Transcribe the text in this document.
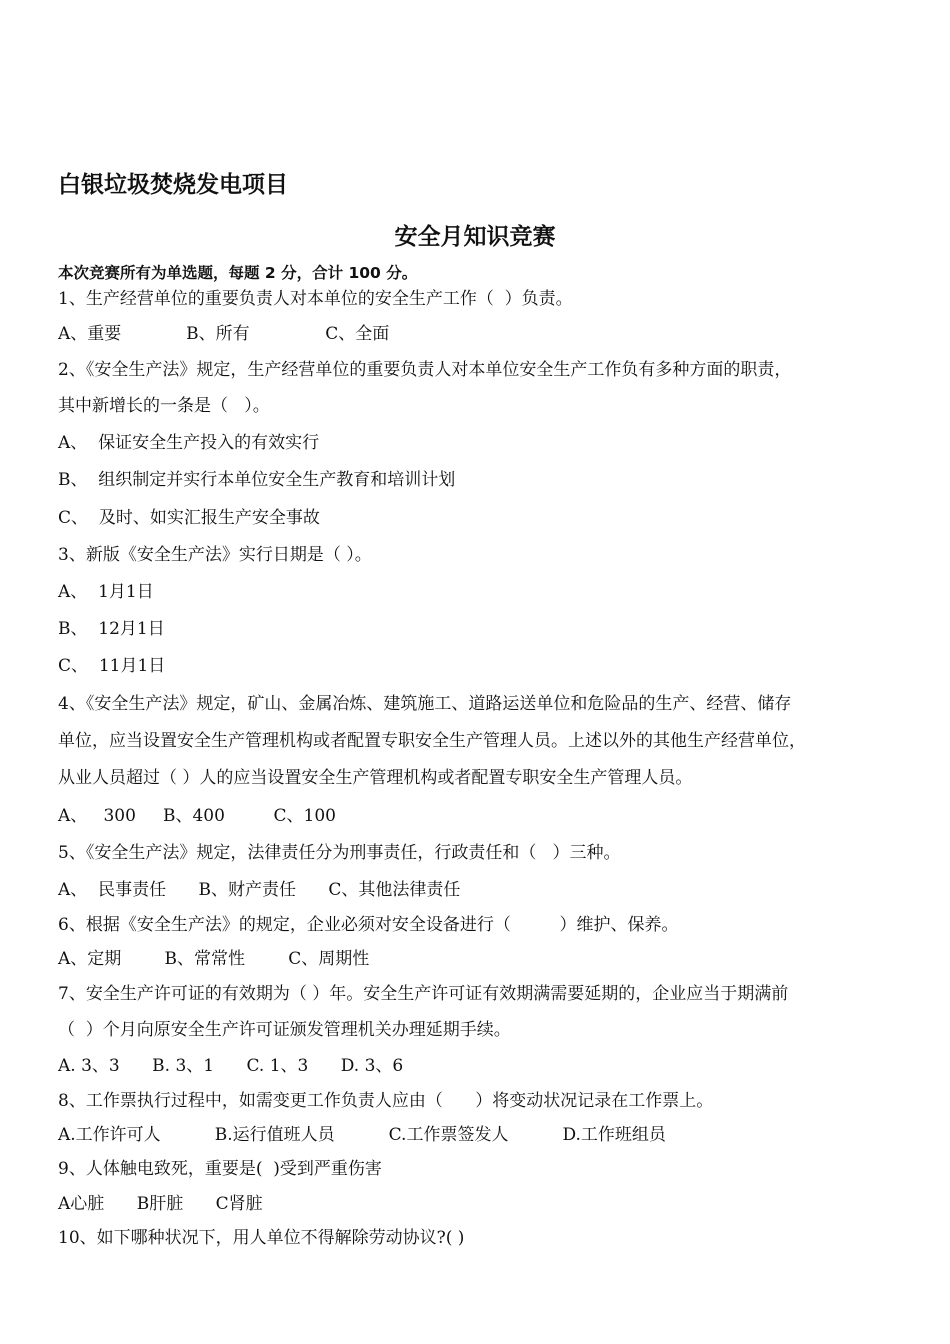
白银垃圾焚烧发电项目
安全月知识竞赛
本次竞赛所有为单选题，每题 2 分，合计 100 分。
1、生产经营单位的重要负责人对本单位的安全生产工作（  ）负责。
A、重要            B、所有              C、全面
2、《安全生产法》规定，生产经营单位的重要负责人对本单位安全生产工作负有多种方面的职责，
其中新增长的一条是（   ）。
A、  保证安全生产投入的有效实行
B、  组织制定并实行本单位安全生产教育和培训计划
C、  及时、如实汇报生产安全事故
3、新版《安全生产法》实行日期是（ ）。
A、  1月1日
B、  12月1日
C、  11月1日
4、《安全生产法》规定，矿山、金属冶炼、建筑施工、道路运送单位和危险品的生产、经营、储存
单位，应当设置安全生产管理机构或者配置专职安全生产管理人员。上述以外的其他生产经营单位，
从业人员超过（ ）人的应当设置安全生产管理机构或者配置专职安全生产管理人员。
A、   300     B、400         C、100
5、《安全生产法》规定，法律责任分为刑事责任，行政责任和（   ）三种。
A、  民事责任      B、财产责任      C、其他法律责任
6、根据《安全生产法》的规定，企业必须对安全设备进行（         ）维护、保养。
A、定期        B、常常性        C、周期性
7、安全生产许可证的有效期为（ ）年。安全生产许可证有效期满需要延期的，企业应当于期满前
（  ）个月向原安全生产许可证颁发管理机关办理延期手续。
A. 3、3      B. 3、1      C. 1、3      D. 3、6
8、工作票执行过程中，如需变更工作负责人应由（      ）将变动状况记录在工作票上。
A.工作许可人          B.运行值班人员          C.工作票签发人          D.工作班组员
9、人体触电致死，重要是(  )受到严重伤害
A心脏      B肝脏      C肾脏
10、如下哪种状况下，用人单位不得解除劳动协议?( )
